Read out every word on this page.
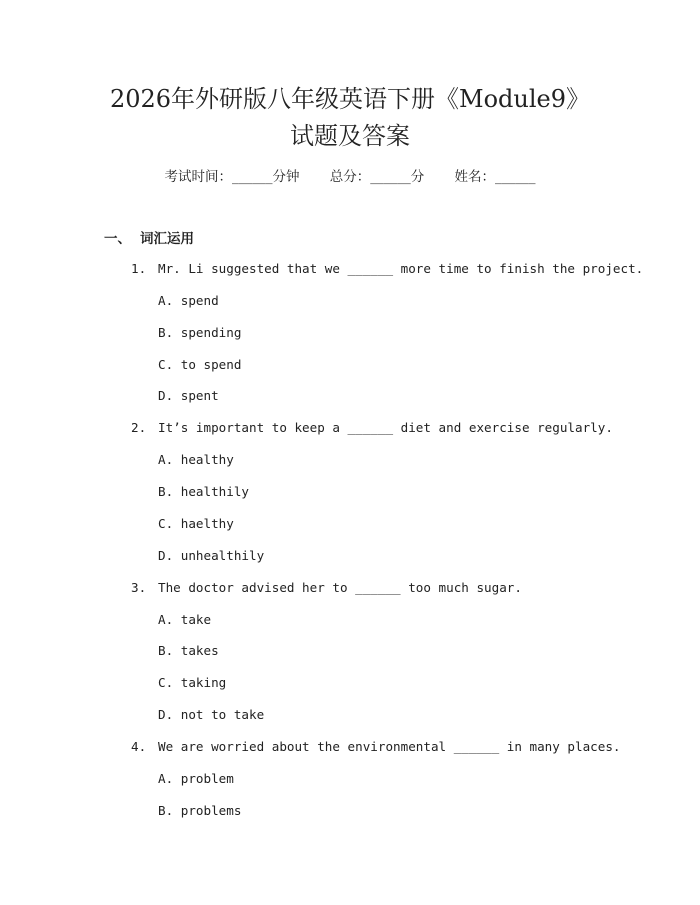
2026年外研版八年级英语下册《Module9》
试题及答案
考试时间：______分钟 总分：______分 姓名：______
一、 词汇运用
1. Mr. Li suggested that we ______ more time to finish the project.
A. spend
B. spending
C. to spend
D. spent
2. It’s important to keep a ______ diet and exercise regularly.
A. healthy
B. healthily
C. haelthy
D. unhealthily
3. The doctor advised her to ______ too much sugar.
A. take
B. takes
C. taking
D. not to take
4. We are worried about the environmental ______ in many places.
A. problem
B. problems
